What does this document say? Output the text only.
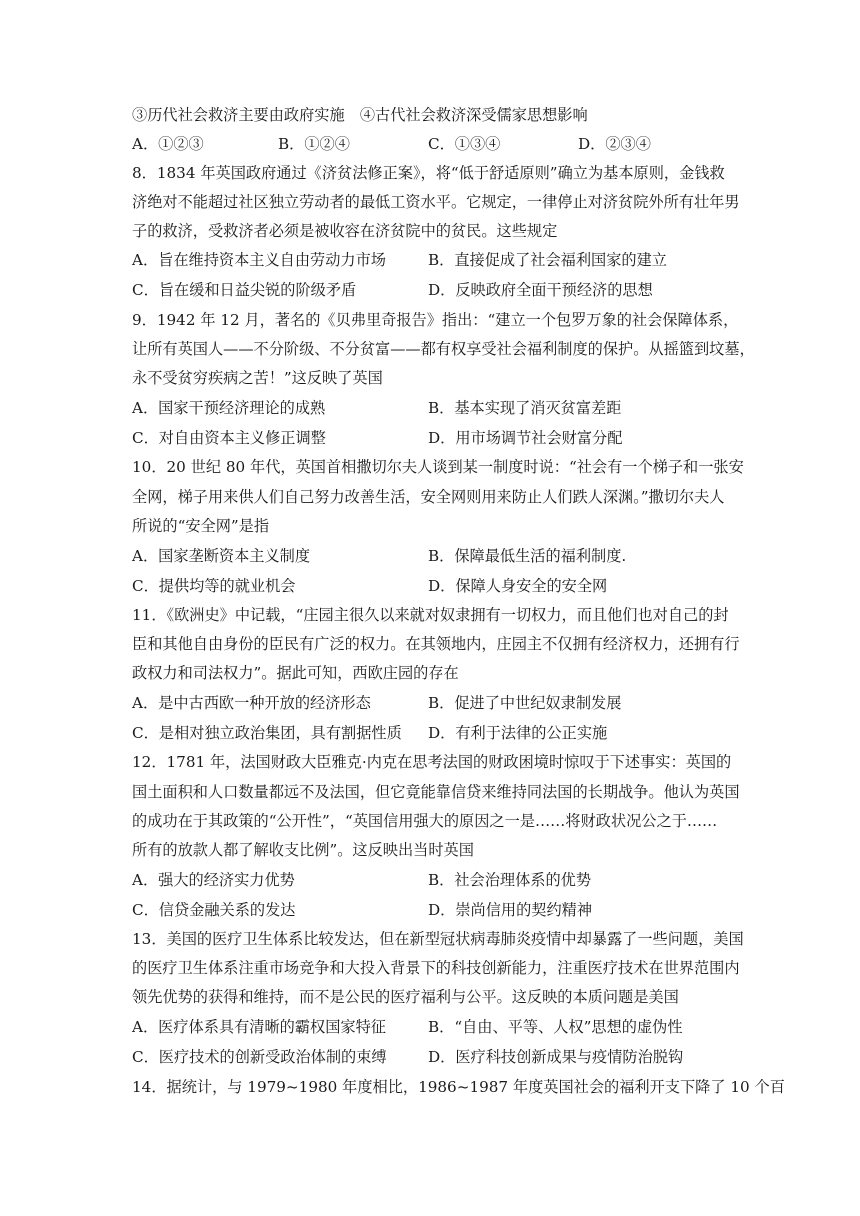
③历代社会救济主要由政府实施　④古代社会救济深受儒家思想影响
A．①②③	B．①②④	C．①③④	D．②③④
8．1834 年英国政府通过《济贫法修正案》，将“低于舒适原则”确立为基本原则，金钱救
济绝对不能超过社区独立劳动者的最低工资水平。它规定，一律停止对济贫院外所有壮年男
子的救济，受救济者必须是被收容在济贫院中的贫民。这些规定
A．旨在维持资本主义自由劳动力市场	B．直接促成了社会福利国家的建立
C．旨在缓和日益尖锐的阶级矛盾	D．反映政府全面干预经济的思想
9．1942 年 12 月，著名的《贝弗里奇报告》指出：“建立一个包罗万象的社会保障体系，
让所有英国人——不分阶级、不分贫富——都有权享受社会福利制度的保护。从摇篮到坟墓，
永不受贫穷疾病之苦！”这反映了英国
A．国家干预经济理论的成熟	B．基本实现了消灭贫富差距
C．对自由资本主义修正调整	D．用市场调节社会财富分配
10．20 世纪 80 年代，英国首相撒切尔夫人谈到某一制度时说：“社会有一个梯子和一张安
全网，梯子用来供人们自己努力改善生活，安全网则用来防止人们跌人深渊。”撒切尔夫人
所说的“安全网”是指
A．国家垄断资本主义制度	B．保障最低生活的福利制度.
C．提供均等的就业机会	D．保障人身安全的安全网
11．《欧洲史》中记载，“庄园主很久以来就对奴隶拥有一切权力，而且他们也对自己的封
臣和其他自由身份的臣民有广泛的权力。在其领地内，庄园主不仅拥有经济权力，还拥有行
政权力和司法权力”。据此可知，西欧庄园的存在
A．是中古西欧一种开放的经济形态	B．促进了中世纪奴隶制发展
C．是相对独立政治集团，具有割据性质 D．有利于法律的公正实施
12．1781 年，法国财政大臣雅克·内克在思考法国的财政困境时惊叹于下述事实：英国的
国土面积和人口数量都远不及法国，但它竟能靠信贷来维持同法国的长期战争。他认为英国
的成功在于其政策的“公开性”，“英国信用强大的原因之一是……将财政状况公之于……
所有的放款人都了解收支比例”。这反映出当时英国
A．强大的经济实力优势	B．社会治理体系的优势
C．信贷金融关系的发达	D．崇尚信用的契约精神
13．美国的医疗卫生体系比较发达，但在新型冠状病毒肺炎疫情中却暴露了一些问题，美国
的医疗卫生体系注重市场竞争和大投入背景下的科技创新能力，注重医疗技术在世界范围内
领先优势的获得和维持，而不是公民的医疗福利与公平。这反映的本质问题是美国
A．医疗体系具有清晰的霸权国家特征	B．“自由、平等、人权”思想的虚伪性
C．医疗技术的创新受政治体制的束缚	D．医疗科技创新成果与疫情防治脱钩
14．据统计，与 1979~1980 年度相比，1986~1987 年度英国社会的福利开支下降了 10 个百
